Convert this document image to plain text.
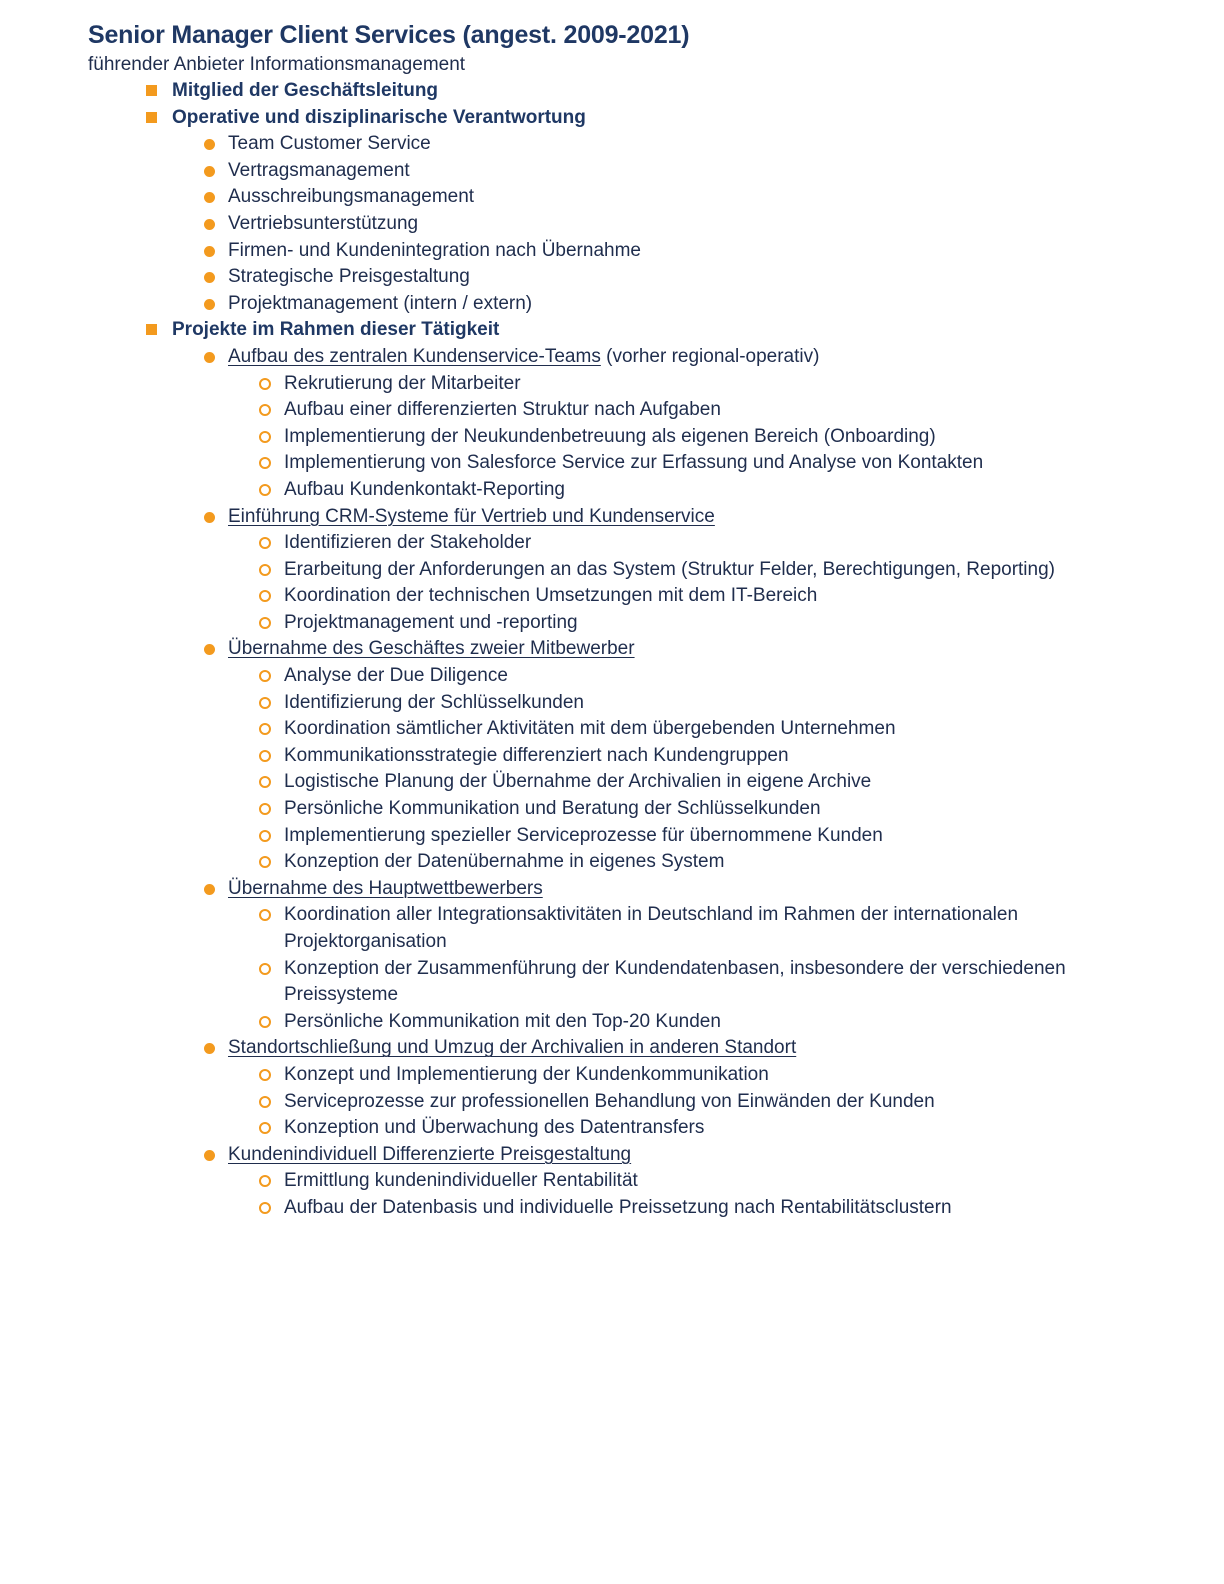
Senior Manager Client Services (angest. 2009-2021)

führender Anbieter Informationsmanagement

Mitglied der Geschäftsleitung
Operative und disziplinarische Verantwortung
Team Customer Service
Vertragsmanagement
Ausschreibungsmanagement
Vertriebsunterstützung
Firmen- und Kundenintegration nach Übernahme
Strategische Preisgestaltung
Projektmanagement (intern / extern)
Projekte im Rahmen dieser Tätigkeit
Aufbau des zentralen Kundenservice-Teams (vorher regional-operativ)
Rekrutierung der Mitarbeiter
Aufbau einer differenzierten Struktur nach Aufgaben
Implementierung der Neukundenbetreuung als eigenen Bereich (Onboarding)
Implementierung von Salesforce Service zur Erfassung und Analyse von Kontakten
Aufbau Kundenkontakt-Reporting
Einführung CRM-Systeme für Vertrieb und Kundenservice
Identifizieren der Stakeholder
Erarbeitung der Anforderungen an das System (Struktur Felder, Berechtigungen, Reporting)
Koordination der technischen Umsetzungen mit dem IT-Bereich
Projektmanagement und -reporting
Übernahme des Geschäftes zweier Mitbewerber
Analyse der Due Diligence
Identifizierung der Schlüsselkunden
Koordination sämtlicher Aktivitäten mit dem übergebenden Unternehmen
Kommunikationsstrategie differenziert nach Kundengruppen
Logistische Planung der Übernahme der Archivalien in eigene Archive
Persönliche Kommunikation und Beratung der Schlüsselkunden
Implementierung spezieller Serviceprozesse für übernommene Kunden
Konzeption der Datenübernahme in eigenes System
Übernahme des Hauptwettbewerbers
Koordination aller Integrationsaktivitäten in Deutschland im Rahmen der internationalen Projektorganisation
Konzeption der Zusammenführung der Kundendatenbasen, insbesondere der verschiedenen Preissysteme
Persönliche Kommunikation mit den Top-20 Kunden
Standortschließung und Umzug der Archivalien in anderen Standort
Konzept und Implementierung der Kundenkommunikation
Serviceprozesse zur professionellen Behandlung von Einwänden der Kunden
Konzeption und Überwachung des Datentransfers
Kundenindividuell Differenzierte Preisgestaltung
Ermittlung kundenindividueller Rentabilität
Aufbau der Datenbasis und individuelle Preissetzung nach Rentabilitätsclustern
